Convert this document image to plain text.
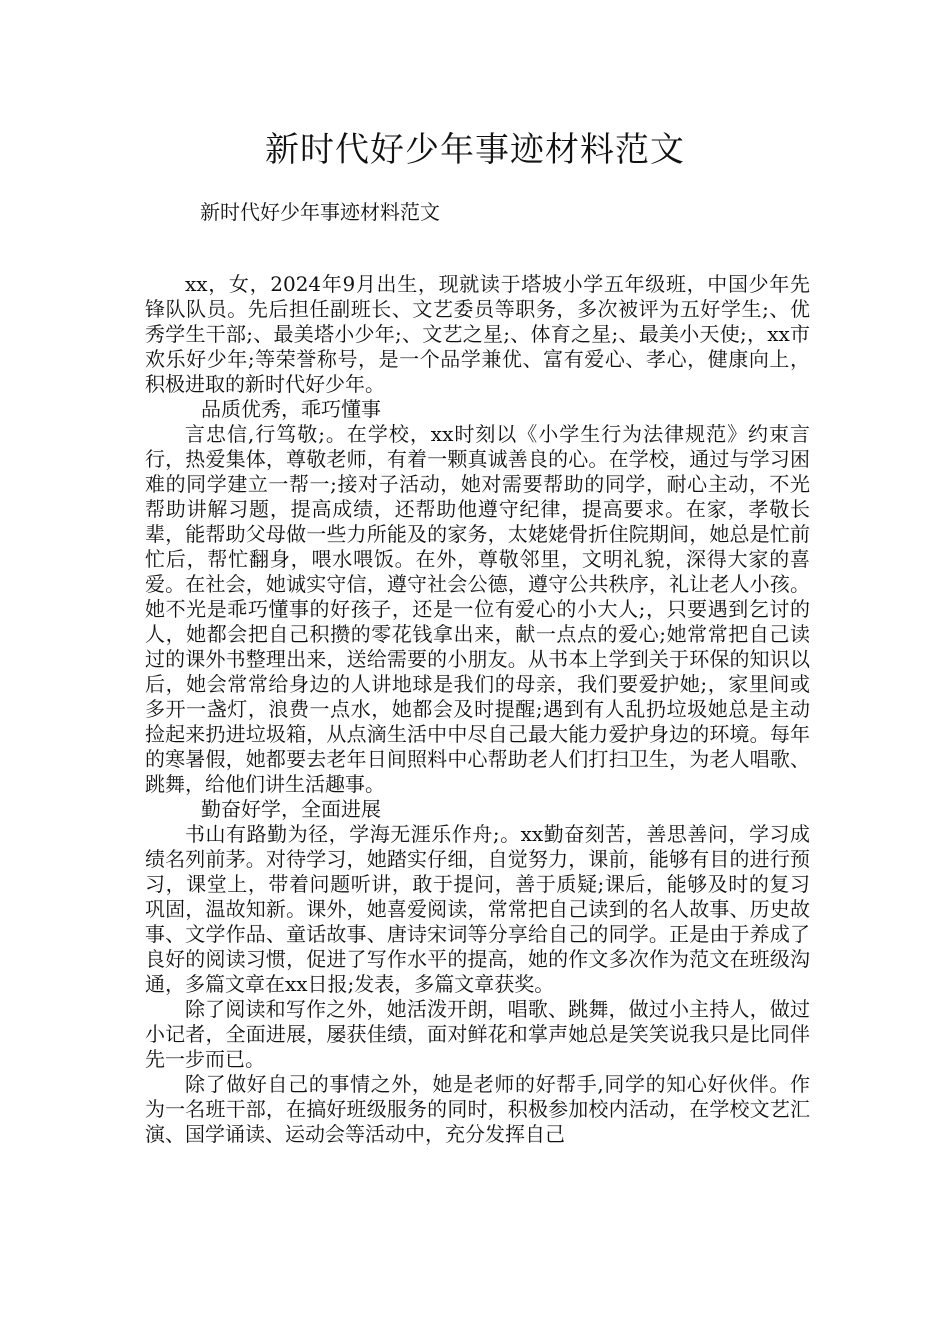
新时代好少年事迹材料范文
新时代好少年事迹材料范文

xx，女，2024年9月出生，现就读于塔坡小学五年级班，中国少年先锋队队员。先后担任副班长、文艺委员等职务，多次被评为五好学生;、优秀学生干部;、最美塔小少年;、文艺之星;、体育之星;、最美小天使;，xx市欢乐好少年;等荣誉称号，是一个品学兼优、富有爱心、孝心，健康向上，积极进取的新时代好少年。

品质优秀，乖巧懂事

言忠信,行笃敬;。在学校，xx时刻以《小学生行为法律规范》约束言行，热爱集体，尊敬老师，有着一颗真诚善良的心。在学校，通过与学习困难的同学建立一帮一;接对子活动，她对需要帮助的同学，耐心主动，不光帮助讲解习题，提高成绩，还帮助他遵守纪律，提高要求。在家，孝敬长辈，能帮助父母做一些力所能及的家务，太姥姥骨折住院期间，她总是忙前忙后，帮忙翻身，喂水喂饭。在外，尊敬邻里，文明礼貌，深得大家的喜爱。在社会，她诚实守信，遵守社会公德，遵守公共秩序，礼让老人小孩。她不光是乖巧懂事的好孩子，还是一位有爱心的小大人;，只要遇到乞讨的人，她都会把自己积攒的零花钱拿出来，献一点点的爱心;她常常把自己读过的课外书整理出来，送给需要的小朋友。从书本上学到关于环保的知识以后，她会常常给身边的人讲地球是我们的母亲，我们要爱护她;，家里间或多开一盏灯，浪费一点水，她都会及时提醒;遇到有人乱扔垃圾她总是主动捡起来扔进垃圾箱，从点滴生活中中尽自己最大能力爱护身边的环境。每年的寒暑假，她都要去老年日间照料中心帮助老人们打扫卫生，为老人唱歌、跳舞，给他们讲生活趣事。

勤奋好学，全面进展

书山有路勤为径，学海无涯乐作舟;。xx勤奋刻苦，善思善问，学习成绩名列前茅。对待学习，她踏实仔细，自觉努力，课前，能够有目的进行预习，课堂上，带着问题听讲，敢于提问，善于质疑;课后，能够及时的复习巩固，温故知新。课外，她喜爱阅读，常常把自己读到的名人故事、历史故事、文学作品、童话故事、唐诗宋词等分享给自己的同学。正是由于养成了良好的阅读习惯，促进了写作水平的提高，她的作文多次作为范文在班级沟通，多篇文章在xx日报;发表，多篇文章获奖。

除了阅读和写作之外，她活泼开朗，唱歌、跳舞，做过小主持人，做过小记者，全面进展，屡获佳绩，面对鲜花和掌声她总是笑笑说我只是比同伴先一步而已。

除了做好自己的事情之外，她是老师的好帮手,同学的知心好伙伴。作为一名班干部，在搞好班级服务的同时，积极参加校内活动，在学校文艺汇演、国学诵读、运动会等活动中，充分发挥自己
